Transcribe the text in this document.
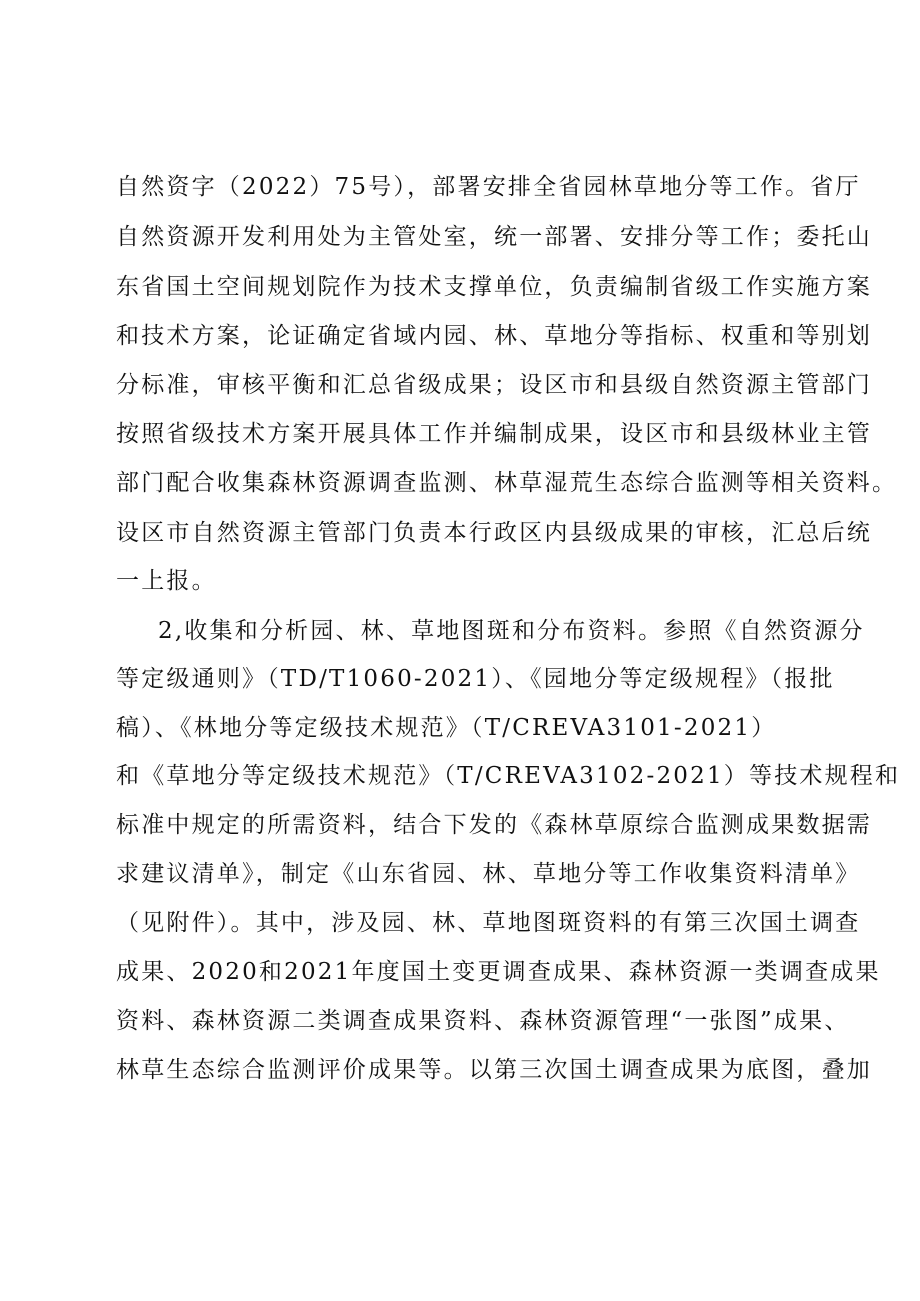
自然资字（2022）75号），部署安排全省园林草地分等工作。省厅

自然资源开发利用处为主管处室，统一部署、安排分等工作；委托山

东省国土空间规划院作为技术支撑单位，负责编制省级工作实施方案

和技术方案，论证确定省域内园、林、草地分等指标、权重和等别划

分标准，审核平衡和汇总省级成果；设区市和县级自然资源主管部门

按照省级技术方案开展具体工作并编制成果，设区市和县级林业主管

部门配合收集森林资源调查监测、林草湿荒生态综合监测等相关资料。

设区市自然资源主管部门负责本行政区内县级成果的审核，汇总后统

一上报。

2,收集和分析园、林、草地图斑和分布资料。参照《自然资源分

等定级通则》（TD/T1060-2021）、《园地分等定级规程》（报批

稿）、《林地分等定级技术规范》（T/CREVA3101-2021）

和《草地分等定级技术规范》（T/CREVA3102-2021）等技术规程和

标准中规定的所需资料，结合下发的《森林草原综合监测成果数据需

求建议清单》，制定《山东省园、林、草地分等工作收集资料清单》

（见附件）。其中，涉及园、林、草地图斑资料的有第三次国土调查

成果、2020和2021年度国土变更调查成果、森林资源一类调查成果

资料、森林资源二类调查成果资料、森林资源管理“一张图”成果、

林草生态综合监测评价成果等。以第三次国土调查成果为底图，叠加
